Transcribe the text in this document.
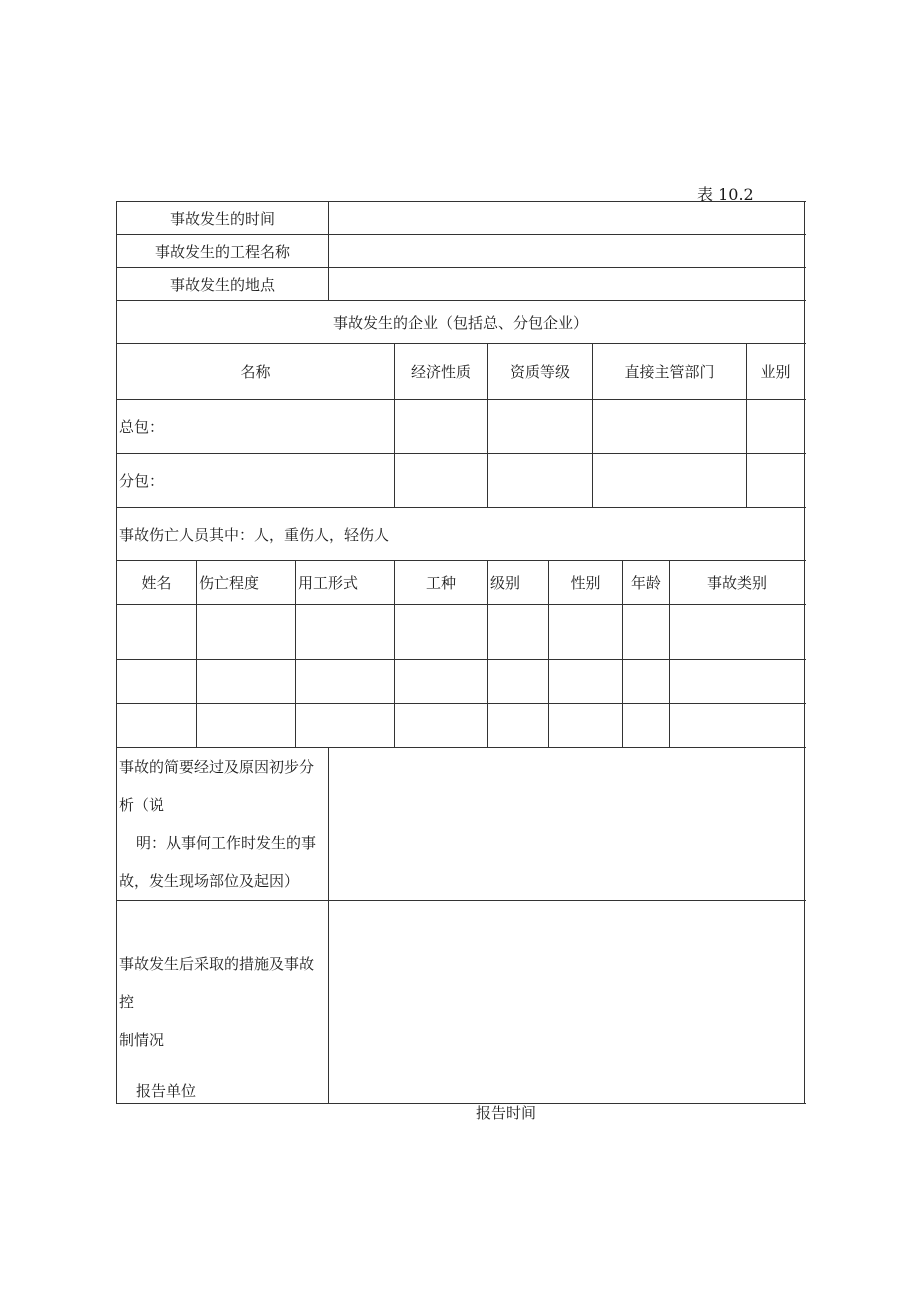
表 10.2
事故发生的时间										
事故发生的工程名称										
事故发生的地点										
事故发生的企业（包括总、分包企业）										
名称				经济性质	资质等级		直接主管部门			业别
总包：										
分包：										
事故伤亡人员其中：人，重伤人，轻伤人										
姓名	伤亡程度	用工形式		工种	级别	性别		年龄	事故类别	

事故的简要经过及原因初步分析（说
明：从事何工作时发生的事
故，发生现场部位及起因）										

事故发生后采取的措施及事故控
制情况										

报告单位
报告时间
